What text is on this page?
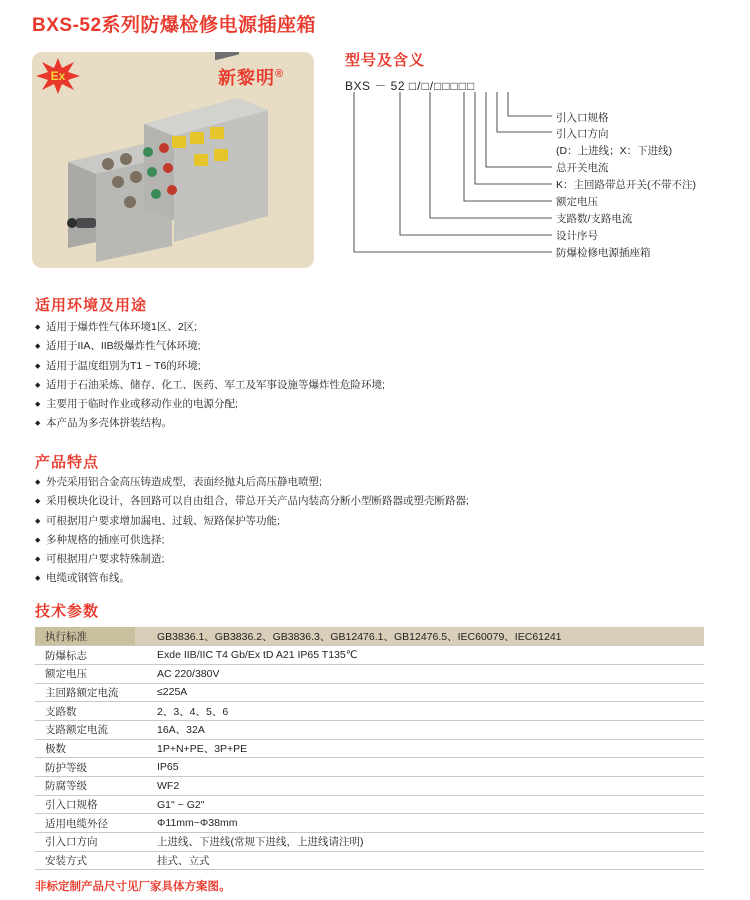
BXS-52系列防爆检修电源插座箱
Ex	新黎明®
型号及含义
BXS － 52 □/□/□□□□□
引入口规格
引入口方向
(D：上进线；X：下进线)
总开关电流
K：主回路带总开关(不带不注)
额定电压
支路数/支路电流
设计序号
防爆检修电源插座箱
适用环境及用途
◆ 适用于爆炸性气体环境1区、2区;
◆ 适用于IIA、IIB级爆炸性气体环境;
◆ 适用于温度组别为T1 ~ T6的环境;
◆ 适用于石油采炼、储存、化工、医药、军工及军事设施等爆炸性危险环境;
◆ 主要用于临时作业或移动作业的电源分配;
◆ 本产品为多壳体拼装结构。
产品特点
◆ 外壳采用铝合金高压铸造成型，表面经抛丸后高压静电喷塑;
◆ 采用模块化设计，各回路可以自由组合，带总开关产品内装高分断小型断路器或塑壳断路器;
◆ 可根据用户要求增加漏电、过载、短路保护等功能;
◆ 多种规格的插座可供选择;
◆ 可根据用户要求特殊制造;
◆ 电缆或钢管布线。
技术参数
执行标准	GB3836.1、GB3836.2、GB3836.3、GB12476.1、GB12476.5、IEC60079、IEC61241
防爆标志	Exde IIB/IIC T4 Gb/Ex tD A21 IP65 T135℃
额定电压	AC 220/380V
主回路额定电流	≤225A
支路数	2、3、4、5、6
支路额定电流	16A、32A
极数	1P+N+PE、3P+PE
防护等级	IP65
防腐等级	WF2
引入口规格	G1" ~ G2"
适用电缆外径	Φ11mm~Φ38mm
引入口方向	上进线、下进线(常规下进线，上进线请注明)
安装方式	挂式、立式
非标定制产品尺寸见厂家具体方案图。
